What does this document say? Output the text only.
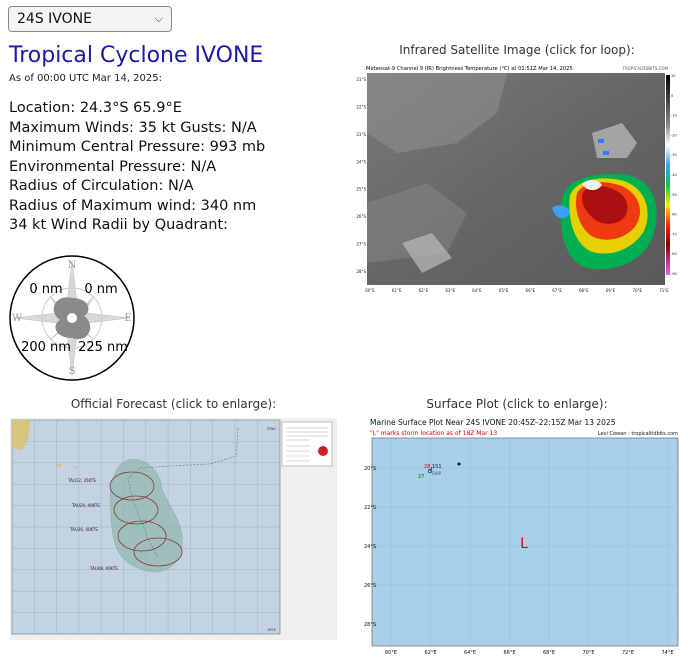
24S IVONE	⌵
Tropical Cyclone IVONE
As of 00:00 UTC Mar 14, 2025:
Location: 24.3°S 65.9°E
Maximum Winds: 35 kt Gusts: N/A
Minimum Central Pressure: 993 mb
Environmental Pressure: N/A
Radius of Circulation: N/A
Radius of Maximum wind: 340 nm
34 kt Wind Radii by Quadrant:
N
E
S
W
0 nm 0 nm
200 nm 225 nm
Infrared Satellite Image (click for loop):
Meteosat-9 Channel 9 (IR) Brightness Temperature (°C) at 01:51Z Mar 14, 2025	TROPICALTIDBITS.COM
21°S
22°S
23°S
24°S
25°S
26°S
27°S
28°S
60°E	61°E	62°E	63°E	64°E	65°E	66°E	67°E	68°E	69°E	70°E	71°E
10
0
-10
-20
-30
-40
-50
-60
-70
-80
-90
Official Forecast (click to enlarge):
TAU12, 35KTS
TAU24, 40KTS
TAU36, 40KTS
TAU48, 40KTS
JTWC
ATCF
Surface Plot (click to enlarge):
Marine Surface Plot Near 24S IVONE 20:45Z–22:15Z Mar 13 2025
"L" marks storm location as of 18Z Mar 13	Levi Cowan - tropicaltidbits.com
20°S
22°S
24°S
26°S
28°S
60°E	62°E	64°E	66°E	68°E	70°E	72°E	74°E
28 151
27
SHIP
L
